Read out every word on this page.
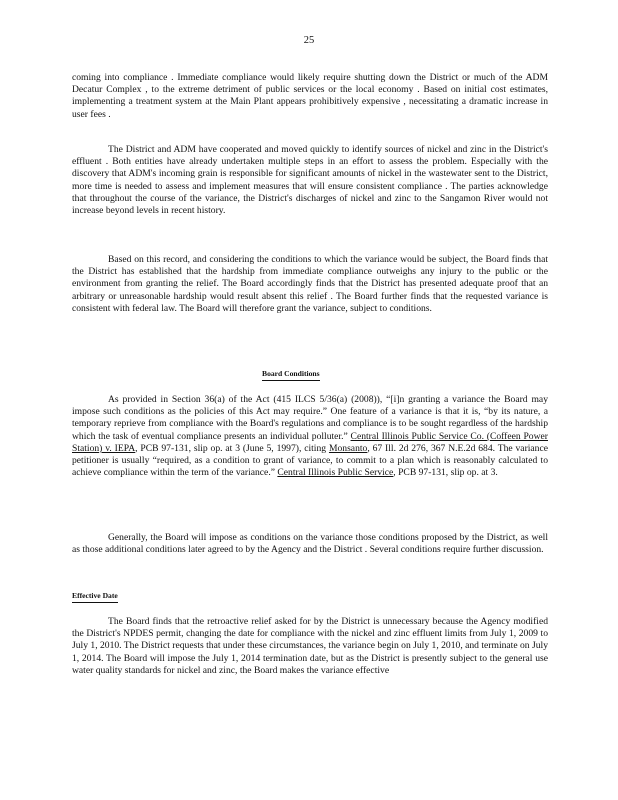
25
coming into compliance . Immediate compliance would likely require shutting down the District or much of the ADM Decatur Complex , to the extreme detriment of public services or the local economy . Based on initial cost estimates, implementing a treatment system at the Main Plant appears prohibitively expensive , necessitating a dramatic increase in user fees .
The District and ADM have cooperated and moved quickly to identify sources of nickel and zinc in the District's effluent . Both entities have already undertaken multiple steps in an effort to assess the problem. Especially with the discovery that ADM's incoming grain is responsible for significant amounts of nickel in the wastewater sent to the District, more time is needed to assess and implement measures that will ensure consistent compliance . The parties acknowledge that throughout the course of the variance, the District's discharges of nickel and zinc to the Sangamon River would not increase beyond levels in recent history.
Based on this record, and considering the conditions to which the variance would be subject, the Board finds that the District has established that the hardship from immediate compliance outweighs any injury to the public or the environment from granting the relief. The Board accordingly finds that the District has presented adequate proof that an arbitrary or unreasonable hardship would result absent this relief . The Board further finds that the requested variance is consistent with federal law. The Board will therefore grant the variance, subject to conditions.
Board Conditions
As provided in Section 36(a) of the Act (415 ILCS 5/36(a) (2008)), “[i]n granting a variance the Board may impose such conditions as the policies of this Act may require.” One feature of a variance is that it is, “by its nature, a temporary reprieve from compliance with the Board's regulations and compliance is to be sought regardless of the hardship which the task of eventual compliance presents an individual polluter.” Central Illinois Public Service Co. (Coffeen Power Station) v. IEPA, PCB 97-131, slip op. at 3 (June 5, 1997), citing Monsanto, 67 Ill. 2d 276, 367 N.E.2d 684. The variance petitioner is usually “required, as a condition to grant of variance, to commit to a plan which is reasonably calculated to achieve compliance within the term of the variance.” Central Illinois Public Service, PCB 97-131, slip op. at 3.
Generally, the Board will impose as conditions on the variance those conditions proposed by the District, as well as those additional conditions later agreed to by the Agency and the District . Several conditions require further discussion.
Effective Date
The Board finds that the retroactive relief asked for by the District is unnecessary because the Agency modified the District's NPDES permit, changing the date for compliance with the nickel and zinc effluent limits from July 1, 2009 to July 1, 2010. The District requests that under these circumstances, the variance begin on July 1, 2010, and terminate on July 1, 2014. The Board will impose the July 1, 2014 termination date, but as the District is presently subject to the general use water quality standards for nickel and zinc, the Board makes the variance effective
